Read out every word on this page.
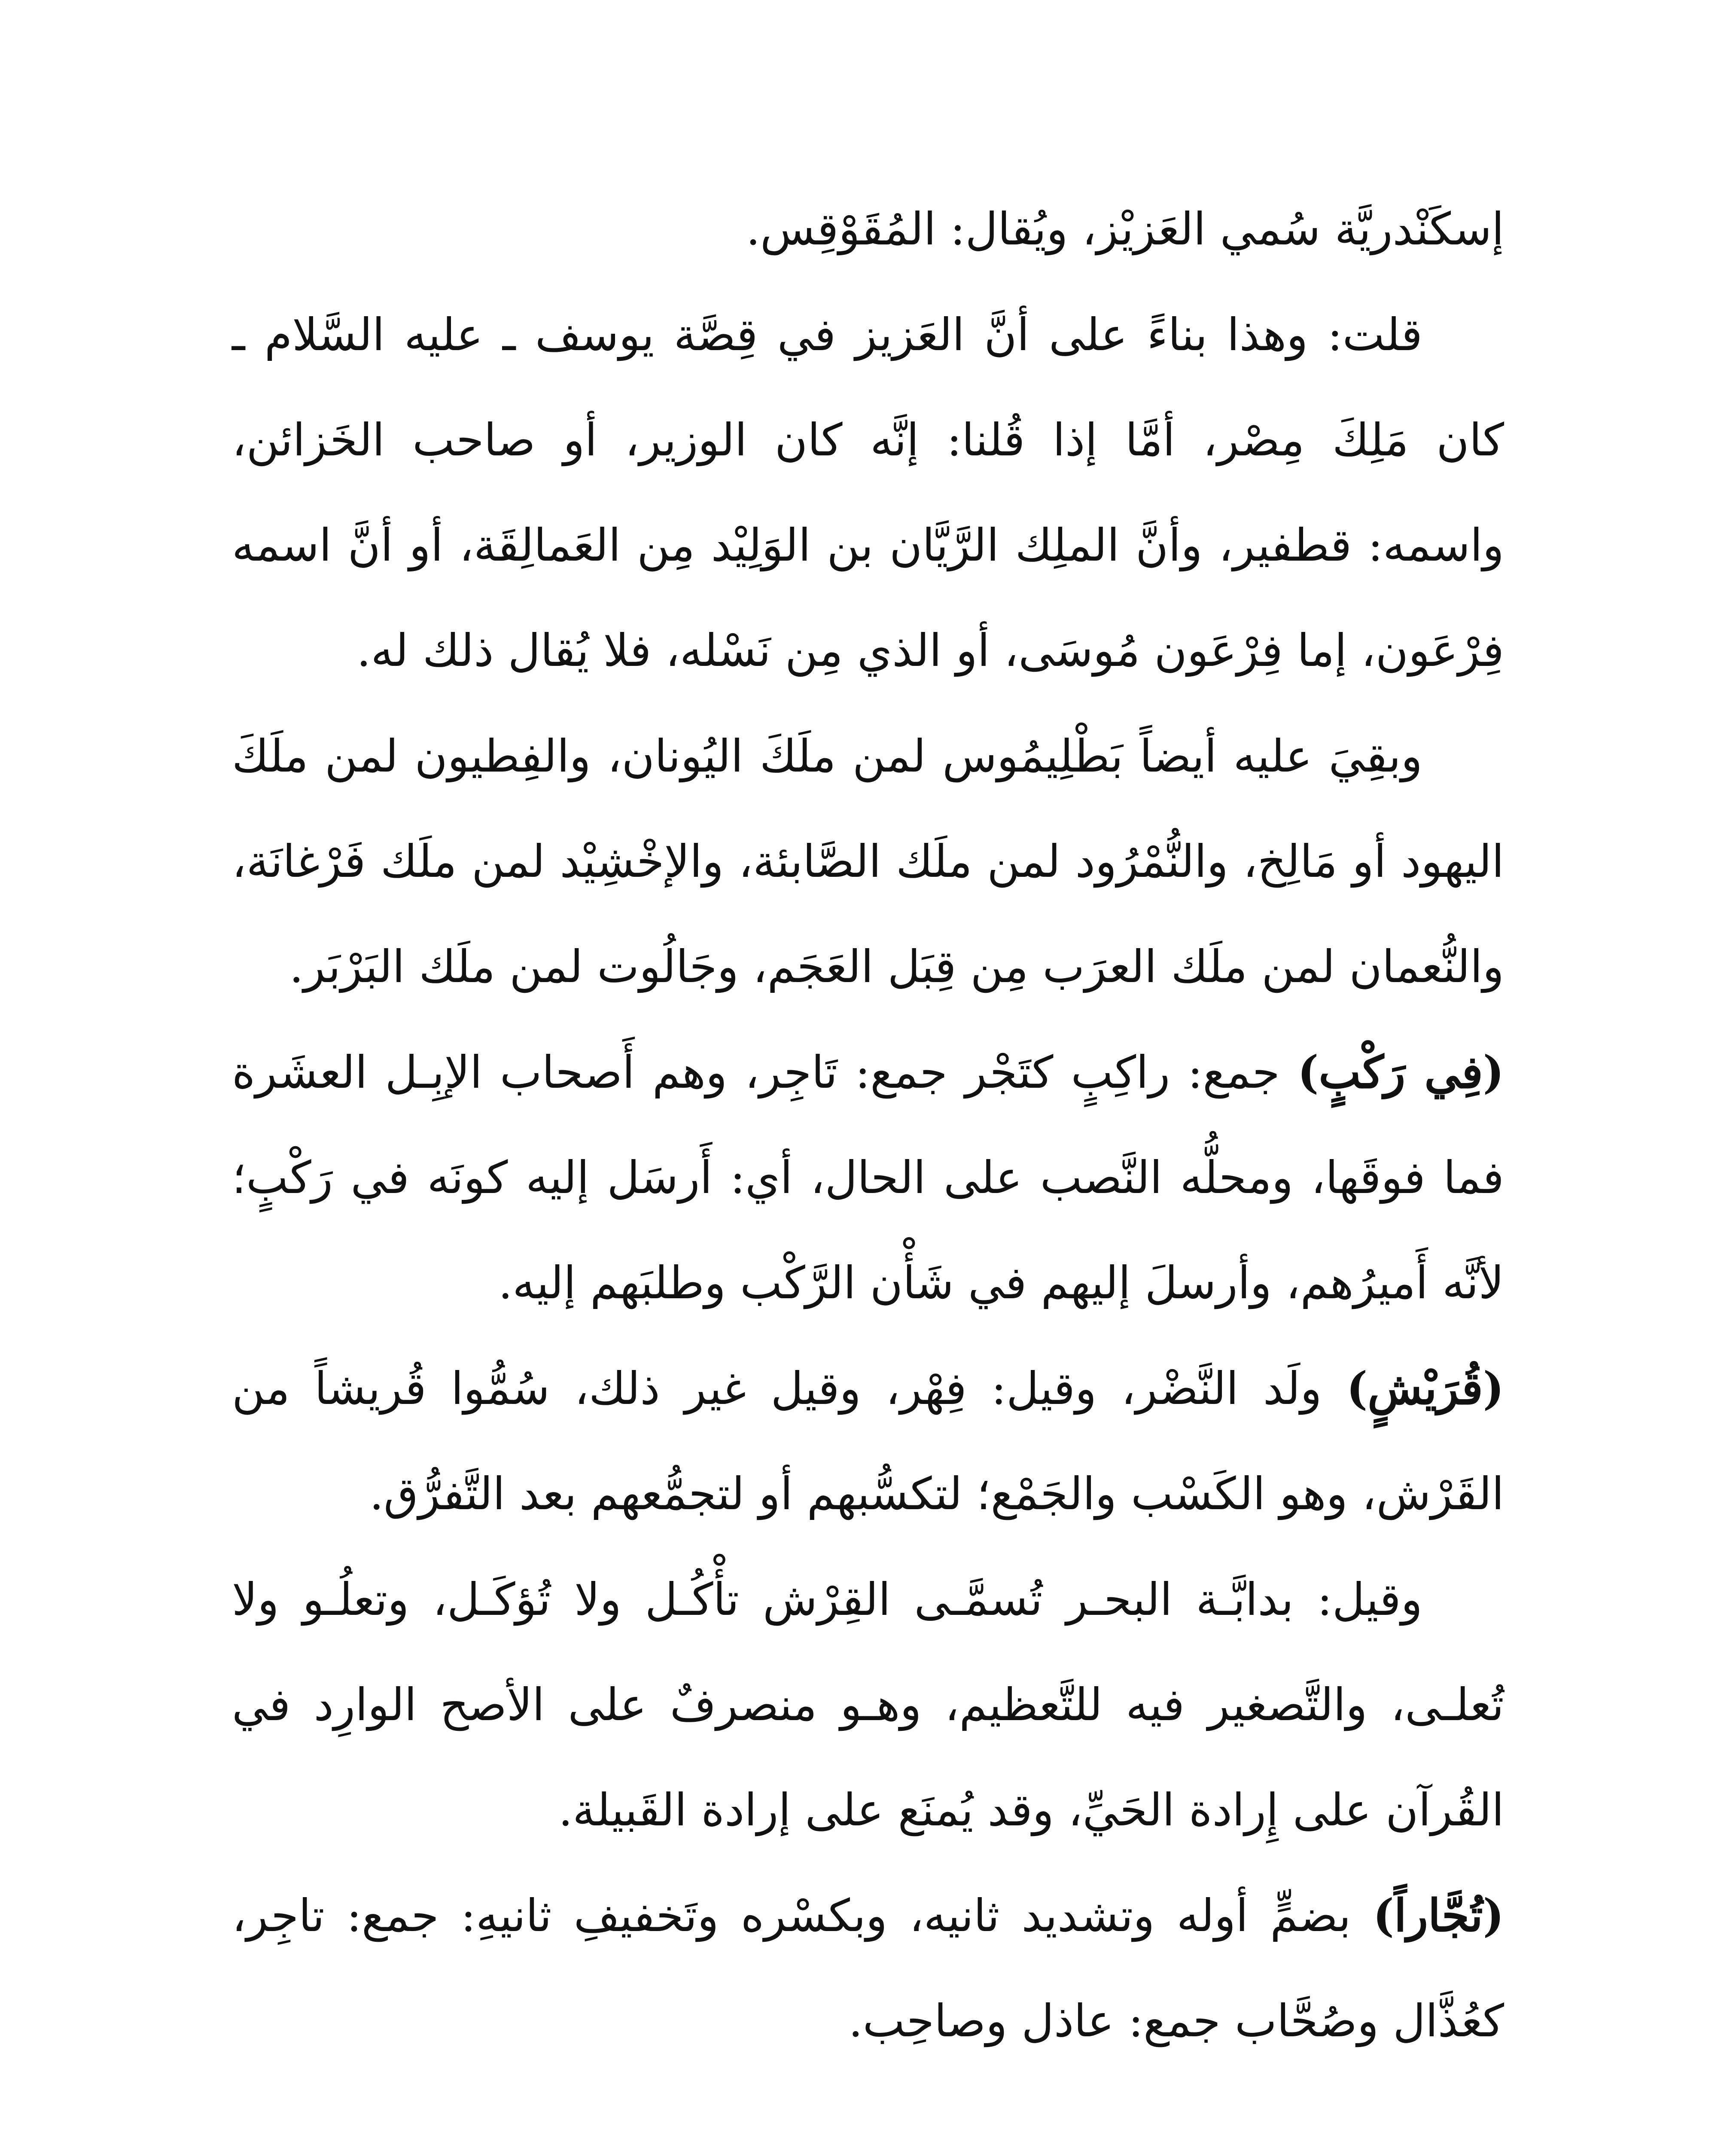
إسكَنْدريَّة سُمي العَزيْز، ويُقال: المُقَوْقِس.

قلت: وهذا بناءً على أنَّ العَزيز في قِصَّة يوسف ـ عليه السَّلام ـ كان مَلِكَ مِصْر، أمَّا إذا قُلنا: إنَّه كان الوزير، أو صاحب الخَزائن، واسمه: قطفير، وأنَّ الملِك الرَّيَّان بن الوَلِيْد مِن العَمالِقَة، أو أنَّ اسمه فِرْعَون، إما فِرْعَون مُوسَى، أو الذي مِن نَسْله، فلا يُقال ذلك له.

وبقِيَ عليه أيضاً بَطْلِيمُوس لمن ملَكَ اليُونان، والفِطيون لمن ملَكَ اليهود أو مَالِخ، والنُّمْرُود لمن ملَك الصَّابئة، والإخْشِيْد لمن ملَك فَرْغانَة، والنُّعمان لمن ملَك العرَب مِن قِبَل العَجَم، وجَالُوت لمن ملَك البَرْبَر.

(فِي رَكْبٍ) جمع: راكِبٍ كتَجْر جمع: تَاجِر، وهم أَصحاب الإبِـل العشَرة فما فوقَها، ومحلُّه النَّصب على الحال، أي: أَرسَل إليه كونَه في رَكْبٍ؛ لأنَّه أَميرُهم، وأرسلَ إليهم في شَأْن الرَّكْب وطلبَهم إليه.

(قُرَيْشٍ) ولَد النَّضْر، وقيل: فِهْر، وقيل غير ذلك، سُمُّوا قُريشاً من القَرْش، وهو الكَسْب والجَمْع؛ لتكسُّبهم أو لتجمُّعهم بعد التَّفرُّق.

وقيل: بدابَّـة البحـر تُسمَّـى القِرْش تأْكُـل ولا تُؤكَـل، وتعلُـو ولا تُعلـى، والتَّصغير فيه للتَّعظيم، وهـو منصرفٌ على الأصح الوارِد في القُرآن على إِرادة الحَيِّ، وقد يُمنَع على إرادة القَبيلة.

(تُجَّاراً) بضمٍّ أوله وتشديد ثانيه، وبكسْره وتَخفيفِ ثانيهِ: جمع: تاجِر، كعُذَّال وصُحَّاب جمع: عاذل وصاحِب.
